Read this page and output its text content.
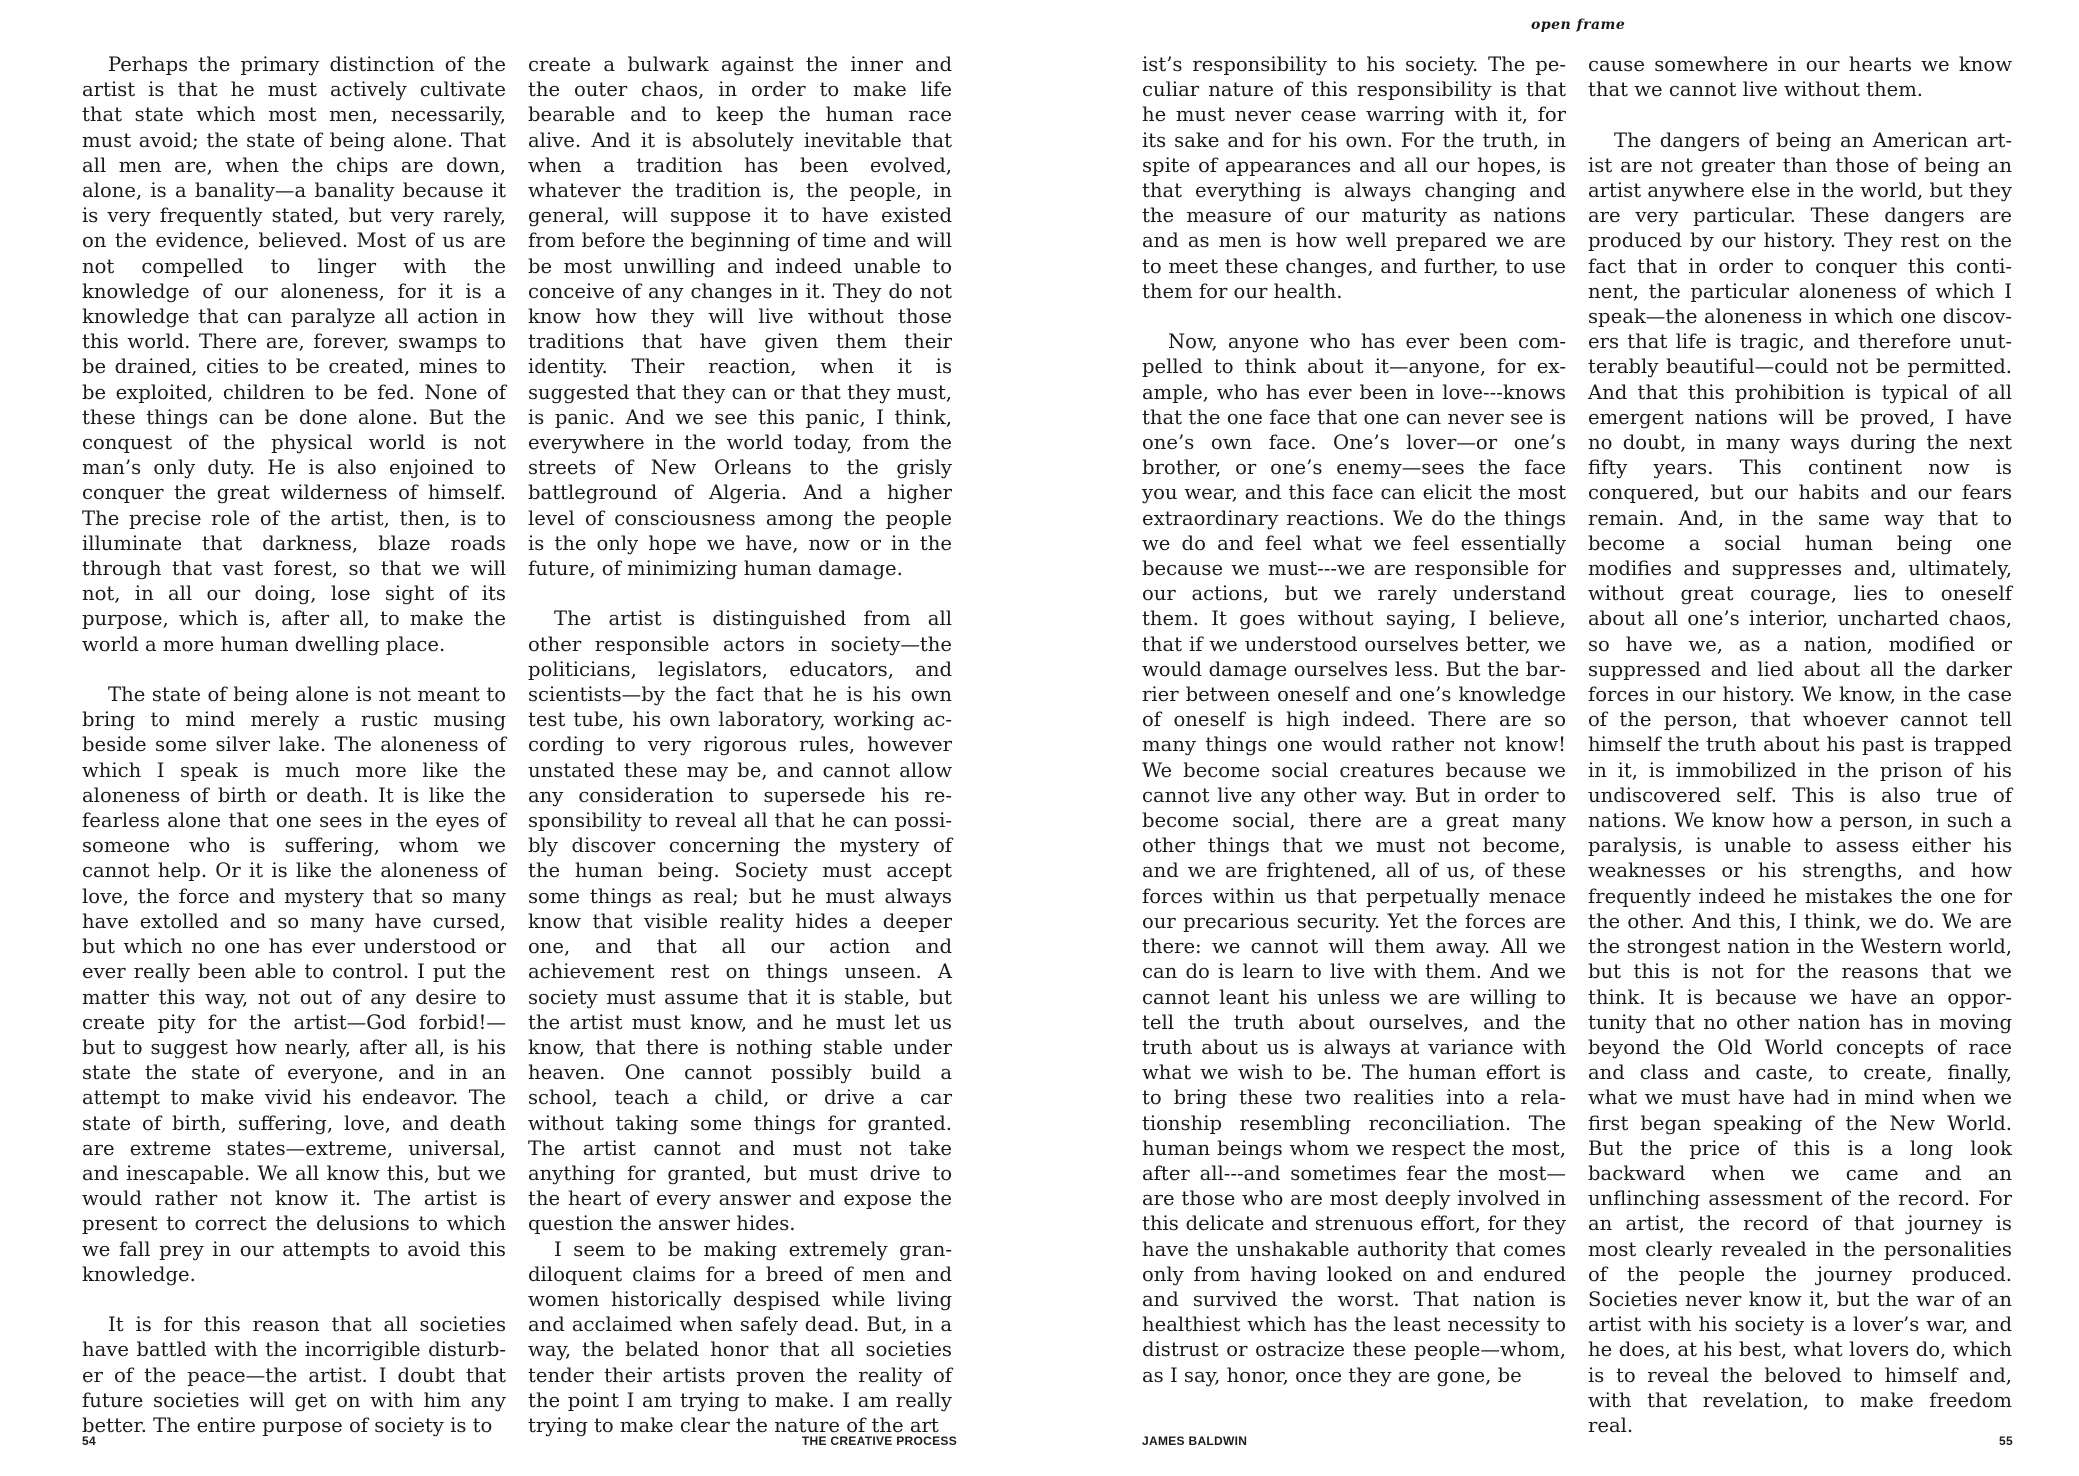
Perhaps the primary distinction of the artist is that he must actively cultivate that state which most men, necessarily, must avoid; the state of being alone. That all men are, when the chips are down, alone, is a banality—a banality because it is very frequently stated, but very rarely, on the evidence, believed. Most of us are not compelled to linger with the knowledge of our aloneness, for it is a knowledge that can paralyze all action in this world. There are, forever, swamps to be drained, cities to be created, mines to be exploited, children to be fed. None of these things can be done alone. But the conquest of the physical world is not man’s only duty. He is also enjoined to conquer the great wilderness of himself. The precise role of the artist, then, is to illuminate that darkness, blaze roads through that vast forest, so that we will not, in all our doing, lose sight of its purpose, which is, after all, to make the world a more human dwelling place.

The state of being alone is not meant to bring to mind merely a rustic musing beside some silver lake. The aloneness of which I speak is much more like the aloneness of birth or death. It is like the fearless alone that one sees in the eyes of someone who is suffering, whom we cannot help. Or it is like the aloneness of love, the force and mystery that so many have extolled and so many have cursed, but which no one has ever understood or ever really been able to control. I put the matter this way, not out of any desire to create pity for the artist—God forbid!—but to suggest how nearly, after all, is his state the state of everyone, and in an attempt to make vivid his endeavor. The state of birth, suffering, love, and death are extreme states—extreme, universal, and inescapable. We all know this, but we would rather not know it. The artist is present to correct the delusions to which we fall prey in our attempts to avoid this knowledge.

It is for this reason that all societies have battled with the incorrigible disturber of the peace—the artist. I doubt that future societies will get on with him any better. The entire purpose of society is to

create a bulwark against the inner and the outer chaos, in order to make life bearable and to keep the human race alive. And it is absolutely inevitable that when a tradition has been evolved, whatever the tradition is, the people, in general, will suppose it to have existed from before the beginning of time and will be most unwilling and indeed unable to conceive of any changes in it. They do not know how they will live without those traditions that have given them their identity. Their reaction, when it is suggested that they can or that they must, is panic. And we see this panic, I think, everywhere in the world today, from the streets of New Orleans to the grisly battleground of Algeria. And a higher level of consciousness among the people is the only hope we have, now or in the future, of minimizing human damage.

The artist is distinguished from all other responsible actors in society—the politicians, legislators, educators, and scientists—by the fact that he is his own test tube, his own laboratory, working according to very rigorous rules, however unstated these may be, and cannot allow any consideration to supersede his responsibility to reveal all that he can possibly discover concerning the mystery of the human being. Society must accept some things as real; but he must always know that visible reality hides a deeper one, and that all our action and achievement rest on things unseen. A society must assume that it is stable, but the artist must know, and he must let us know, that there is nothing stable under heaven. One cannot possibly build a school, teach a child, or drive a car without taking some things for granted. The artist cannot and must not take anything for granted, but must drive to the heart of every answer and expose the question the answer hides.

I seem to be making extremely grandiloquent claims for a breed of men and women historically despised while living and acclaimed when safely dead. But, in a way, the belated honor that all societies tender their artists proven the reality of the point I am trying to make. I am really trying to make clear the nature of the art

54	THE CREATIVE PROCESS
open frame

ist’s responsibility to his society. The peculiar nature of this responsibility is that he must never cease warring with it, for its sake and for his own. For the truth, in spite of appearances and all our hopes, is that everything is always changing and the measure of our maturity as nations and as men is how well prepared we are to meet these changes, and further, to use them for our health.

Now, anyone who has ever been compelled to think about it—anyone, for example, who has ever been in love---knows that the one face that one can never see is one’s own face. One’s lover—or one’s brother, or one’s enemy—sees the face you wear, and this face can elicit the most extraordinary reactions. We do the things we do and feel what we feel essentially because we must---we are responsible for our actions, but we rarely understand them. It goes without saying, I believe, that if we understood ourselves better, we would damage ourselves less. But the barrier between oneself and one’s knowledge of oneself is high indeed. There are so many things one would rather not know! We become social creatures because we cannot live any other way. But in order to become social, there are a great many other things that we must not become, and we are frightened, all of us, of these forces within us that perpetually menace our precarious security. Yet the forces are there: we cannot will them away. All we can do is learn to live with them. And we cannot leant his unless we are willing to tell the truth about ourselves, and the truth about us is always at variance with what we wish to be. The human effort is to bring these two realities into a relationship resembling reconciliation. The human beings whom we respect the most, after all---and sometimes fear the most—are those who are most deeply involved in this delicate and strenuous effort, for they have the unshakable authority that comes only from having looked on and endured and survived the worst. That nation is healthiest which has the least necessity to distrust or ostracize these people—whom, as I say, honor, once they are gone, be

cause somewhere in our hearts we know that we cannot live without them.

The dangers of being an American artist are not greater than those of being an artist anywhere else in the world, but they are very particular. These dangers are produced by our history. They rest on the fact that in order to conquer this continent, the particular aloneness of which I speak—the aloneness in which one discovers that life is tragic, and therefore unutterably beautiful—could not be permitted. And that this prohibition is typical of all emergent nations will be proved, I have no doubt, in many ways during the next fifty years. This continent now is conquered, but our habits and our fears remain. And, in the same way that to become a social human being one modifies and suppresses and, ultimately, without great courage, lies to oneself about all one’s interior, uncharted chaos, so have we, as a nation, modified or suppressed and lied about all the darker forces in our history. We know, in the case of the person, that whoever cannot tell himself the truth about his past is trapped in it, is immobilized in the prison of his undiscovered self. This is also true of nations. We know how a person, in such a paralysis, is unable to assess either his weaknesses or his strengths, and how frequently indeed he mistakes the one for the other. And this, I think, we do. We are the strongest nation in the Western world, but this is not for the reasons that we think. It is because we have an opportunity that no other nation has in moving beyond the Old World concepts of race and class and caste, to create, finally, what we must have had in mind when we first began speaking of the New World. But the price of this is a long look backward when we came and an unflinching assessment of the record. For an artist, the record of that journey is most clearly revealed in the personalities of the people the journey produced. Societies never know it, but the war of an artist with his society is a lover’s war, and he does, at his best, what lovers do, which is to reveal the beloved to himself and, with that revelation, to make freedom real.

JAMES BALDWIN	55
